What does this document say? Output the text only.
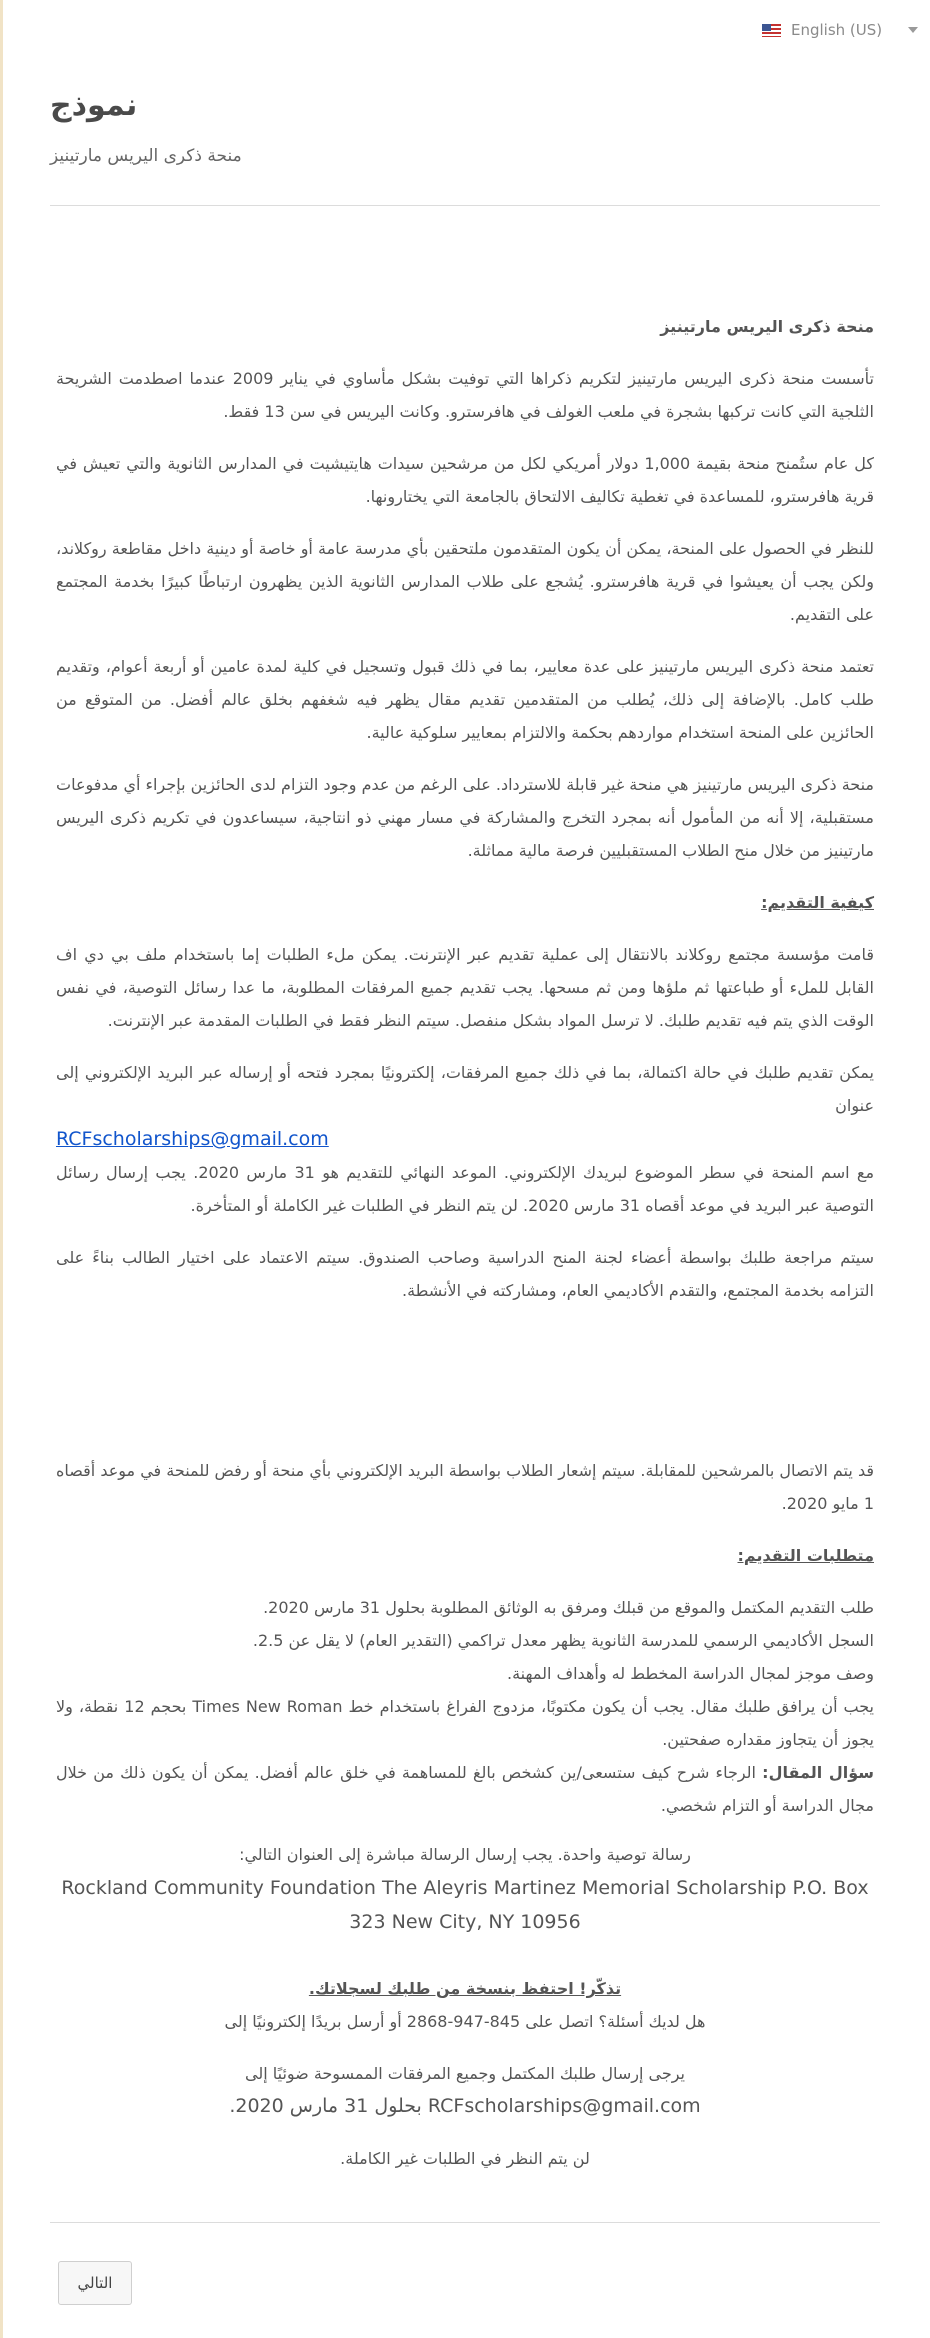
English (US)
نموذج
منحة ذكرى اليريس مارتينيز

منحة ذكرى اليريس مارتينيز

تأسست منحة ذكرى اليريس مارتينيز لتكريم ذكراها التي توفيت بشكل مأساوي في يناير 2009 عندما اصطدمت الشريحة الثلجية التي كانت تركبها بشجرة في ملعب الغولف في هافرسترو. وكانت اليريس في سن 13 فقط.

كل عام ستُمنح منحة بقيمة 1,000 دولار أمريكي لكل من مرشحين سيدات هايتيشيت في المدارس الثانوية والتي تعيش في قرية هافرسترو، للمساعدة في تغطية تكاليف الالتحاق بالجامعة التي يختارونها.

للنظر في الحصول على المنحة، يمكن أن يكون المتقدمون ملتحقين بأي مدرسة عامة أو خاصة أو دينية داخل مقاطعة روكلاند، ولكن يجب أن يعيشوا في قرية هافرسترو. يُشجع على طلاب المدارس الثانوية الذين يظهرون ارتباطًا كبيرًا بخدمة المجتمع على التقديم.

تعتمد منحة ذكرى اليريس مارتينيز على عدة معايير، بما في ذلك قبول وتسجيل في كلية لمدة عامين أو أربعة أعوام، وتقديم طلب كامل. بالإضافة إلى ذلك، يُطلب من المتقدمين تقديم مقال يظهر فيه شغفهم بخلق عالم أفضل. من المتوقع من الحائزين على المنحة استخدام مواردهم بحكمة والالتزام بمعايير سلوكية عالية.

منحة ذكرى اليريس مارتينيز هي منحة غير قابلة للاسترداد. على الرغم من عدم وجود التزام لدى الحائزين بإجراء أي مدفوعات مستقبلية، إلا أنه من المأمول أنه بمجرد التخرج والمشاركة في مسار مهني ذو انتاجية، سيساعدون في تكريم ذكرى اليريس مارتينيز من خلال منح الطلاب المستقبليين فرصة مالية مماثلة.

كيفية التقديم:

قامت مؤسسة مجتمع روكلاند بالانتقال إلى عملية تقديم عبر الإنترنت. يمكن ملء الطلبات إما باستخدام ملف بي دي اف القابل للملء أو طباعتها ثم ملؤها ومن ثم مسحها. يجب تقديم جميع المرفقات المطلوبة، ما عدا رسائل التوصية، في نفس الوقت الذي يتم فيه تقديم طلبك. لا ترسل المواد بشكل منفصل. سيتم النظر فقط في الطلبات المقدمة عبر الإنترنت.

يمكن تقديم طلبك في حالة اكتمالة، بما في ذلك جميع المرفقات، إلكترونيًا بمجرد فتحه أو إرساله عبر البريد الإلكتروني إلى عنوان

RCFscholarships@gmail.com

مع اسم المنحة في سطر الموضوع لبريدك الإلكتروني. الموعد النهائي للتقديم هو 31 مارس 2020. يجب إرسال رسائل التوصية عبر البريد في موعد أقصاه 31 مارس 2020. لن يتم النظر في الطلبات غير الكاملة أو المتأخرة.

سيتم مراجعة طلبك بواسطة أعضاء لجنة المنح الدراسية وصاحب الصندوق. سيتم الاعتماد على اختيار الطالب بناءً على التزامه بخدمة المجتمع، والتقدم الأكاديمي العام، ومشاركته في الأنشطة.

قد يتم الاتصال بالمرشحين للمقابلة. سيتم إشعار الطلاب بواسطة البريد الإلكتروني بأي منحة أو رفض للمنحة في موعد أقصاه 1 مايو 2020.

متطلبات التقديم:

طلب التقديم المكتمل والموقع من قبلك ومرفق به الوثائق المطلوبة بحلول 31 مارس 2020.

السجل الأكاديمي الرسمي للمدرسة الثانوية يظهر معدل تراكمي (التقدير العام) لا يقل عن 2.5.

وصف موجز لمجال الدراسة المخطط له وأهداف المهنة.

يجب أن يرافق طلبك مقال. يجب أن يكون مكتوبًا، مزدوج الفراغ باستخدام خط Times New Roman بحجم 12 نقطة، ولا يجوز أن يتجاوز مقداره صفحتين.

سؤال المقال: الرجاء شرح كيف ستسعى/ين كشخص بالغ للمساهمة في خلق عالم أفضل. يمكن أن يكون ذلك من خلال مجال الدراسة أو التزام شخصي.

رسالة توصية واحدة. يجب إرسال الرسالة مباشرة إلى العنوان التالي:

Rockland Community Foundation The Aleyris Martinez Memorial Scholarship P.O. Box 323 New City, NY 10956

تذكّر! احتفظ بنسخة من طلبك لسجلاتك.

هل لديك أسئلة؟ اتصل على 845-947-2868 أو أرسل بريدًا إلكترونيًا إلى

يرجى إرسال طلبك المكتمل وجميع المرفقات الممسوحة ضوئيًا إلى

RCFscholarships@gmail.com بحلول 31 مارس 2020.

لن يتم النظر في الطلبات غير الكاملة.

التالي
